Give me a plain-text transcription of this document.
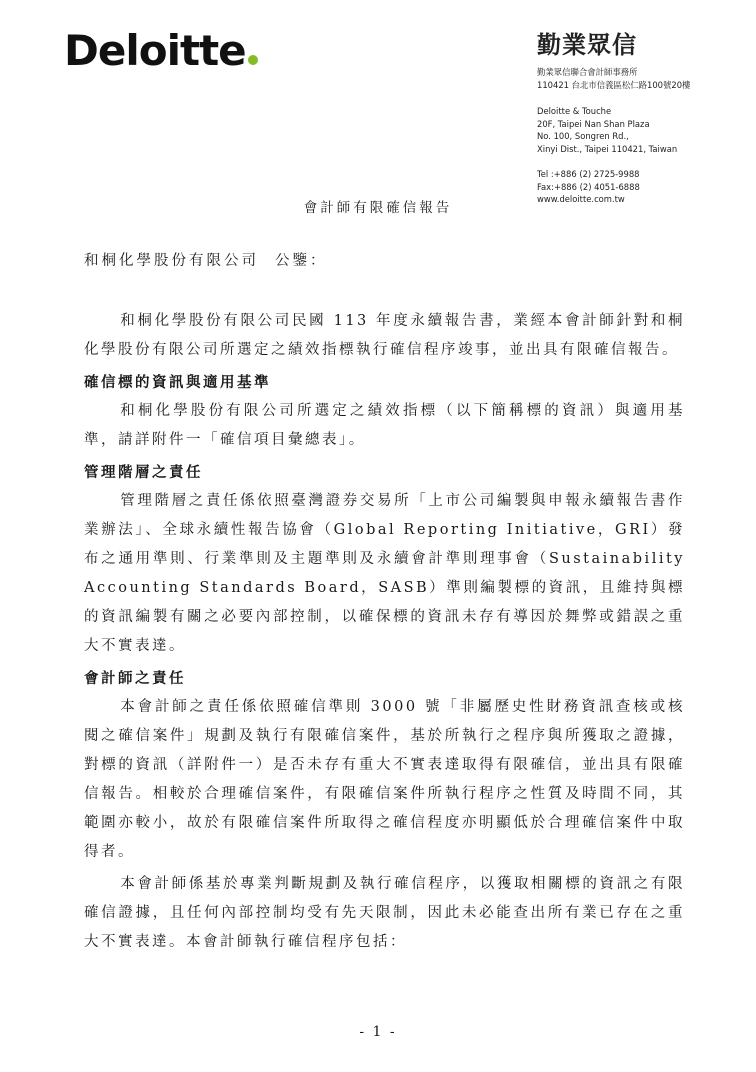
Deloitte	勤業眾信
勤業眾信聯合會計師事務所
110421 台北市信義區松仁路100號20樓
Deloitte & Touche
20F, Taipei Nan Shan Plaza
No. 100, Songren Rd.,
Xinyi Dist., Taipei 110421, Taiwan
Tel :+886 (2) 2725-9988
Fax:+886 (2) 4051-6888
www.deloitte.com.tw
會計師有限確信報告
和桐化學股份有限公司 公鑒：

和桐化學股份有限公司民國 113 年度永續報告書，業經本會計師針對和桐化學股份有限公司所選定之績效指標執行確信程序竣事，並出具有限確信報告。

確信標的資訊與適用基準

和桐化學股份有限公司所選定之績效指標（以下簡稱標的資訊）與適用基準，請詳附件一「確信項目彙總表」。

管理階層之責任

管理階層之責任係依照臺灣證券交易所「上市公司編製與申報永續報告書作業辦法」、全球永續性報告協會（Global Reporting Initiative，GRI）發布之通用準則、行業準則及主題準則及永續會計準則理事會（Sustainability Accounting Standards Board，SASB）準則編製標的資訊，且維持與標的資訊編製有關之必要內部控制，以確保標的資訊未存有導因於舞弊或錯誤之重大不實表達。

會計師之責任

本會計師之責任係依照確信準則 3000 號「非屬歷史性財務資訊查核或核閱之確信案件」規劃及執行有限確信案件，基於所執行之程序與所獲取之證據，對標的資訊（詳附件一）是否未存有重大不實表達取得有限確信，並出具有限確信報告。相較於合理確信案件，有限確信案件所執行程序之性質及時間不同，其範圍亦較小，故於有限確信案件所取得之確信程度亦明顯低於合理確信案件中取得者。

本會計師係基於專業判斷規劃及執行確信程序，以獲取相關標的資訊之有限確信證據，且任何內部控制均受有先天限制，因此未必能查出所有業已存在之重大不實表達。本會計師執行確信程序包括：

- 1 -
